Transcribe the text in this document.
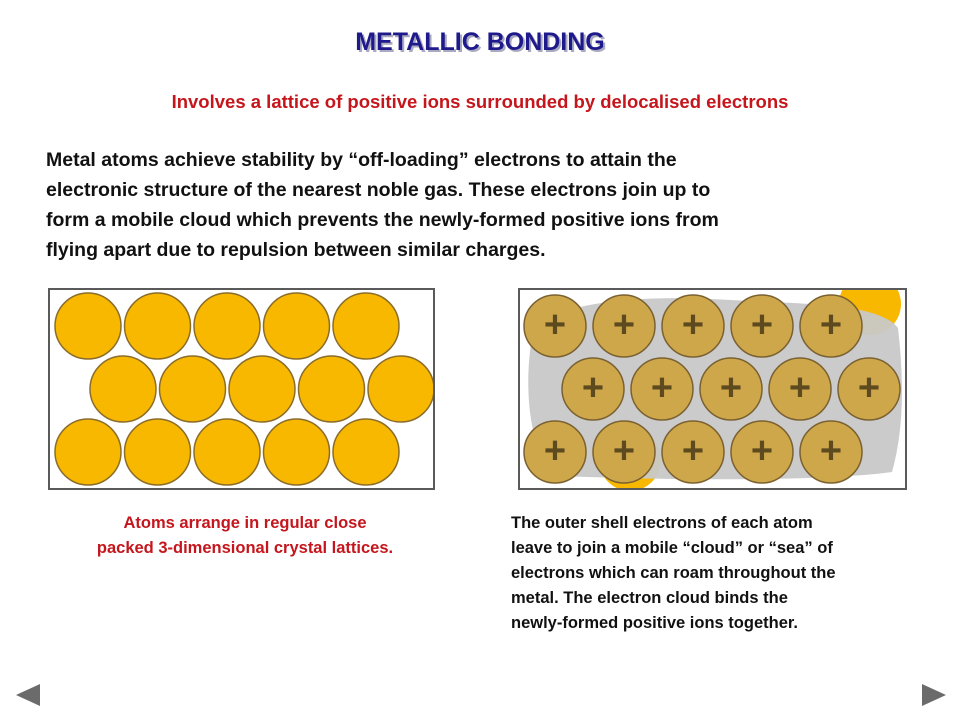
METALLIC BONDING
Involves a lattice of positive ions surrounded by delocalised electrons

Metal atoms achieve stability by “off-loading” electrons to attain the
electronic structure of the nearest noble gas. These electrons join up to
form a mobile cloud which prevents the newly-formed positive ions from
flying apart due to repulsion between similar charges.

+ + + + +
+ + + + +
+ + + + +
Atoms arrange in regular close
packed 3-dimensional crystal lattices.
The outer shell electrons of each atom
leave to join a mobile “cloud” or “sea” of
electrons which can roam throughout the
metal. The electron cloud binds the
newly-formed positive ions together.
